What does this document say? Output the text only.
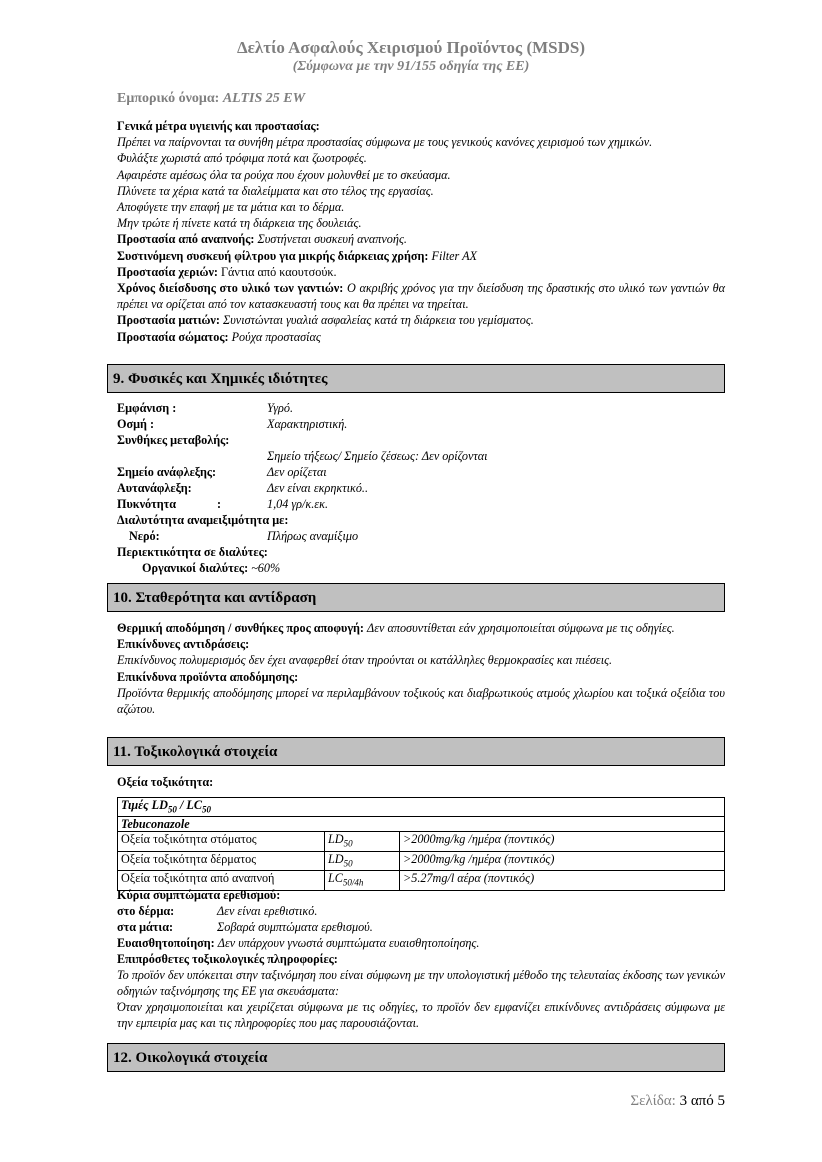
Δελτίο Ασφαλούς Χειρισμού Προϊόντος (MSDS)
(Σύμφωνα με την 91/155 οδηγία της ΕΕ)
Εμπορικό όνομα: ALTIS 25 EW

Γενικά μέτρα υγιεινής και προστασίας:

Πρέπει να παίρνονται τα συνήθη μέτρα προστασίας σύμφωνα με τους γενικούς κανόνες χειρισμού των χημικών.

Φυλάξτε χωριστά από τρόφιμα ποτά και ζωοτροφές.

Αφαιρέστε αμέσως όλα τα ρούχα που έχουν μολυνθεί με το σκεύασμα.

Πλύνετε τα χέρια κατά τα διαλείμματα και στο τέλος της εργασίας.

Αποφύγετε την επαφή με τα μάτια και το δέρμα.

Μην τρώτε ή πίνετε κατά τη διάρκεια της δουλειάς.

Προστασία από αναπνοής: Συστήνεται συσκευή αναπνοής.

Συστινόμενη συσκευή φίλτρου για μικρής διάρκειας χρήση: Filter AX

Προστασία χεριών: Γάντια από καουτσούκ.

Χρόνος διείσδυσης στο υλικό των γαντιών: Ο ακριβής χρόνος για την διείσδυση της δραστικής στο υλικό των γαντιών θα πρέπει να ορίζεται από τον κατασκευαστή τους και θα πρέπει να τηρείται.

Προστασία ματιών: Συνιστώνται γυαλιά ασφαλείας κατά τη διάρκεια του γεμίσματος.

Προστασία σώματος: Ρούχα προστασίας

9. Φυσικές και Χημικές ιδιότητες
Εμφάνιση :	Υγρό.
Οσμή :	Χαρακτηριστική.
Συνθήκες μεταβολής:
Σημείο τήξεως/ Σημείο ζέσεως: Δεν ορίζονται
Σημείο ανάφλεξης:	Δεν ορίζεται
Αυτανάφλεξη:	Δεν είναι εκρηκτικό..
Πυκνότητα	:	1,04 γρ/κ.εκ.
Διαλυτότητα αναμειξιμότητα με:
Νερό:	Πλήρως αναμίξιμο
Περιεκτικότητα σε διαλύτες:
Οργανικοί διαλύτες: ~60%
10. Σταθερότητα και αντίδραση

Θερμική αποδόμηση / συνθήκες προς αποφυγή: Δεν αποσυντίθεται εάν χρησιμοποιείται σύμφωνα με τις οδηγίες.

Επικίνδυνες αντιδράσεις:

Επικίνδυνος πολυμερισμός δεν έχει αναφερθεί όταν τηρούνται οι κατάλληλες θερμοκρασίες και πιέσεις.

Επικίνδυνα προϊόντα αποδόμησης:

Προϊόντα θερμικής αποδόμησης μπορεί να περιλαμβάνουν τοξικούς και διαβρωτικούς ατμούς χλωρίου και τοξικά οξείδια του αζώτου.

11. Τοξικολογικά στοιχεία
Οξεία τοξικότητα:
Τιμές $LD_{50} / LC_{50}$
Tebuconazole		
Οξεία τοξικότητα στόματος	$LD_{50}$	>2000mg/kg /ημέρα (ποντικός)
Οξεία τοξικότητα δέρματος	$LD_{50}$	>2000mg/kg /ημέρα (ποντικός)
Οξεία τοξικότητα από αναπνοή	$LC_{50/4h}$	>5.27mg/l αέρα (ποντικός)
Κύρια συμπτώματα ερεθισμού:
στο δέρμα:	Δεν είναι ερεθιστικό.
στα μάτια:	Σοβαρά συμπτώματα ερεθισμού.
Ευαισθητοποίηση: Δεν υπάρχουν γνωστά συμπτώματα ευαισθητοποίησης.
Επιπρόσθετες τοξικολογικές πληροφορίες:

Το προϊόν δεν υπόκειται στην ταξινόμηση που είναι σύμφωνη με την υπολογιστική μέθοδο της τελευταίας έκδοσης των γενικών οδηγιών ταξινόμησης της ΕΕ για σκευάσματα:

Όταν χρησιμοποιείται και χειρίζεται σύμφωνα με τις οδηγίες, το προϊόν δεν εμφανίζει επικίνδυνες αντιδράσεις σύμφωνα με την εμπειρία μας και τις πληροφορίες που μας παρουσιάζονται.

12. Οικολογικά στοιχεία
Σελίδα: 3 από 5
